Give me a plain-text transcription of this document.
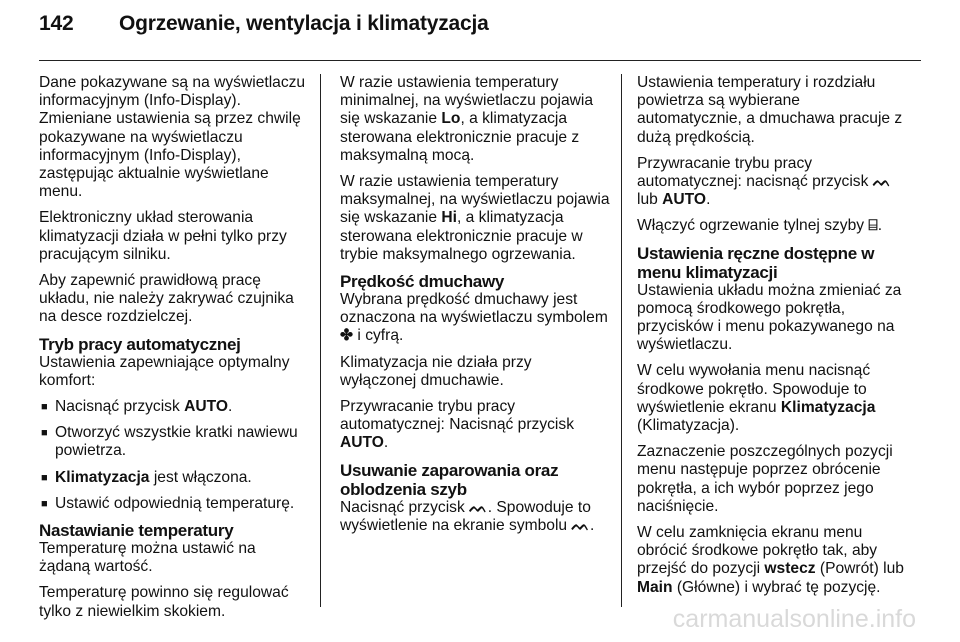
142 Ogrzewanie, wentylacja i klimatyzacja

Dane pokazywane są na wyświetlaczu informacyjnym (Info-Display). Zmieniane ustawienia są przez chwilę pokazywane na wyświetlaczu informacyjnym (Info-Display), zastępując aktualnie wyświetlane menu.

Elektroniczny układ sterowania klimatyzacji działa w pełni tylko przy pracującym silniku.

Aby zapewnić prawidłową pracę układu, nie należy zakrywać czujnika na desce rozdzielczej.

Tryb pracy automatycznej

Ustawienia zapewniające optymalny komfort:

■ Nacisnąć przycisk AUTO.
■ Otworzyć wszystkie kratki nawiewu powietrza.
■ Klimatyzacja jest włączona.
■ Ustawić odpowiednią temperaturę.
Nastawianie temperatury

Temperaturę można ustawić na żądaną wartość.

Temperaturę powinno się regulować tylko z niewielkim skokiem.

W razie ustawienia temperatury minimalnej, na wyświetlaczu pojawia się wskazanie Lo, a klimatyzacja sterowana elektronicznie pracuje z maksymalną mocą.

W razie ustawienia temperatury maksymalnej, na wyświetlaczu pojawia się wskazanie Hi, a klimatyzacja sterowana elektronicznie pracuje w trybie maksymalnego ogrzewania.

Prędkość dmuchawy

Wybrana prędkość dmuchawy jest oznaczona na wyświetlaczu symbolem ✤ i cyfrą.

Klimatyzacja nie działa przy wyłączonej dmuchawie.

Przywracanie trybu pracy automatycznej: Nacisnąć przycisk AUTO.

Usuwanie zaparowania oraz oblodzenia szyb

Nacisnąć przycisk ᨓ. Spowoduje to wyświetlenie na ekranie symbolu ᨓ.

Ustawienia temperatury i rozdziału powietrza są wybierane automatycznie, a dmuchawa pracuje z dużą prędkością.

Przywracanie trybu pracy automatycznej: nacisnąć przycisk ᨓ lub AUTO.

Włączyć ogrzewanie tylnej szyby ⌸.

Ustawienia ręczne dostępne w menu klimatyzacji

Ustawienia układu można zmieniać za pomocą środkowego pokrętła, przycisków i menu pokazywanego na wyświetlaczu.

W celu wywołania menu nacisnąć środkowe pokrętło. Spowoduje to wyświetlenie ekranu Klimatyzacja (Klimatyzacja).

Zaznaczenie poszczególnych pozycji menu następuje poprzez obrócenie pokrętła, a ich wybór poprzez jego naciśnięcie.

W celu zamknięcia ekranu menu obrócić środkowe pokrętło tak, aby przejść do pozycji wstecz (Powrót) lub Main (Główne) i wybrać tę pozycję.

carmanualsonline.info
